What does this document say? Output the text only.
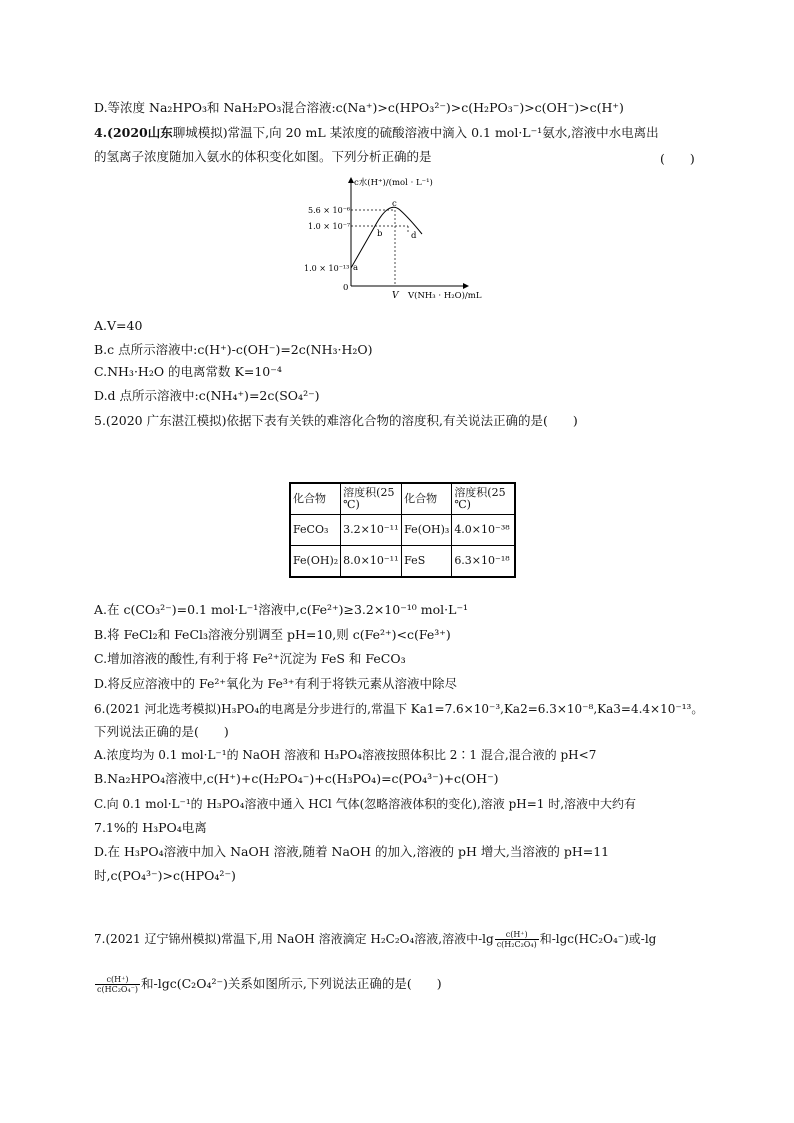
D.等浓度 Na₂HPO₃和 NaH₂PO₃混合溶液:c(Na⁺)>c(HPO₃²⁻)>c(H₂PO₃⁻)>c(OH⁻)>c(H⁺)
4.(2020山东聊城模拟)常温下,向 20 mL 某浓度的硫酸溶液中滴入 0.1 mol·L⁻¹氨水,溶液中水电离出
的氢离子浓度随加入氨水的体积变化如图。下列分析正确的是	(　　)
c水(H⁺)/(mol · L⁻¹)
V(NH₃ · H₂O)/mL
0
V
5.6 × 10⁻⁶
1.0 × 10⁻⁷
1.0 × 10⁻¹³ a
b
c
d
A.V=40
B.c 点所示溶液中:c(H⁺)-c(OH⁻)=2c(NH₃·H₂O)
C.NH₃·H₂O 的电离常数 K=10⁻⁴
D.d 点所示溶液中:c(NH₄⁺)=2c(SO₄²⁻)
5.(2020 广东湛江模拟)依据下表有关铁的难溶化合物的溶度积,有关说法正确的是(　　)
化合物	溶度积(25 ℃)	化合物	溶度积(25 ℃)
FeCO₃	3.2×10⁻¹¹	Fe(OH)₃	4.0×10⁻³⁸
Fe(OH)₂	8.0×10⁻¹¹	FeS	6.3×10⁻¹⁸
A.在 c(CO₃²⁻)=0.1 mol·L⁻¹溶液中,c(Fe²⁺)≥3.2×10⁻¹⁰ mol·L⁻¹
B.将 FeCl₂和 FeCl₃溶液分别调至 pH=10,则 c(Fe²⁺)<c(Fe³⁺)
C.增加溶液的酸性,有利于将 Fe²⁺沉淀为 FeS 和 FeCO₃
D.将反应溶液中的 Fe²⁺氧化为 Fe³⁺有利于将铁元素从溶液中除尽
6.(2021 河北选考模拟)H₃PO₄的电离是分步进行的,常温下 Ka1=7.6×10⁻³,Ka2=6.3×10⁻⁸,Ka3=4.4×10⁻¹³。
下列说法正确的是(　　)
A.浓度均为 0.1 mol·L⁻¹的 NaOH 溶液和 H₃PO₄溶液按照体积比 2∶1 混合,混合液的 pH<7
B.Na₂HPO₄溶液中,c(H⁺)+c(H₂PO₄⁻)+c(H₃PO₄)=c(PO₄³⁻)+c(OH⁻)
C.向 0.1 mol·L⁻¹的 H₃PO₄溶液中通入 HCl 气体(忽略溶液体积的变化),溶液 pH=1 时,溶液中大约有
7.1%的 H₃PO₄电离
D.在 H₃PO₄溶液中加入 NaOH 溶液,随着 NaOH 的加入,溶液的 pH 增大,当溶液的 pH=11
时,c(PO₄³⁻)>c(HPO₄²⁻)
7.(2021 辽宁锦州模拟)常温下,用 NaOH 溶液滴定 H₂C₂O₄溶液,溶液中$-\lg \frac{c(H^+)}{\text{c(H₂C₂O₄)}}$ 和-lgc(HC₂O₄⁻)或-lg
$\frac{c(H^+)}{\text{c(HC₂O₄⁻)}}$ 和-lgc(C₂O₄²⁻)关系如图所示,下列说法正确的是(　　)
